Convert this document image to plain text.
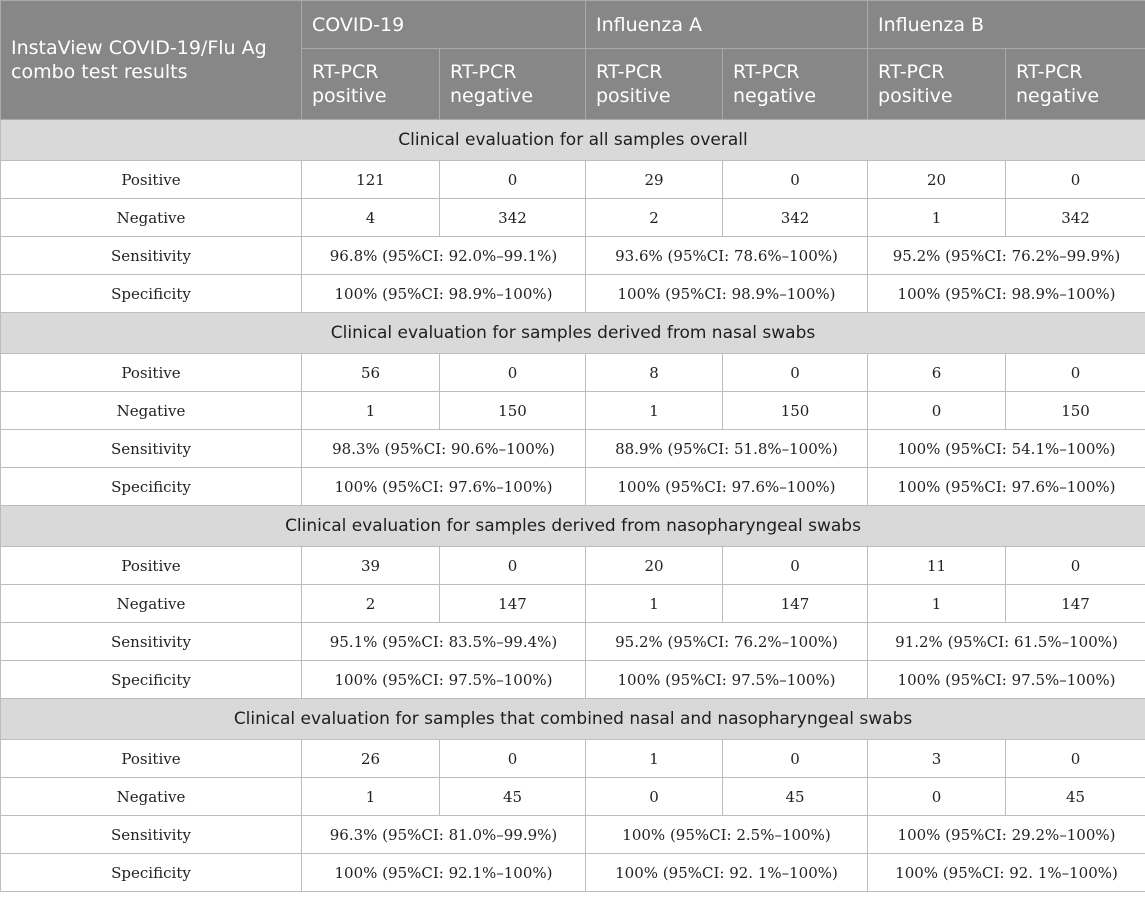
InstaView COVID-19/Flu Ag combo test results	COVID-19		Influenza A		Influenza B	
	RT-PCR positive	RT-PCR negative	RT-PCR positive	RT-PCR negative	RT-PCR positive	RT-PCR negative
Clinical evaluation for all samples overall						
Positive	121	0	29	0	20	0
Negative	4	342	2	342	1	342
Sensitivity	96.8% (95%CI: 92.0%–99.1%)		93.6% (95%CI: 78.6%–100%)		95.2% (95%CI: 76.2%–99.9%)	
Specificity	100% (95%CI: 98.9%–100%)		100% (95%CI: 98.9%–100%)		100% (95%CI: 98.9%–100%)	
Clinical evaluation for samples derived from nasal swabs						
Positive	56	0	8	0	6	0
Negative	1	150	1	150	0	150
Sensitivity	98.3% (95%CI: 90.6%–100%)		88.9% (95%CI: 51.8%–100%)		100% (95%CI: 54.1%–100%)	
Specificity	100% (95%CI: 97.6%–100%)		100% (95%CI: 97.6%–100%)		100% (95%CI: 97.6%–100%)	
Clinical evaluation for samples derived from nasopharyngeal swabs						
Positive	39	0	20	0	11	0
Negative	2	147	1	147	1	147
Sensitivity	95.1% (95%CI: 83.5%–99.4%)		95.2% (95%CI: 76.2%–100%)		91.2% (95%CI: 61.5%–100%)	
Specificity	100% (95%CI: 97.5%–100%)		100% (95%CI: 97.5%–100%)		100% (95%CI: 97.5%–100%)	
Clinical evaluation for samples that combined nasal and nasopharyngeal swabs						
Positive	26	0	1	0	3	0
Negative	1	45	0	45	0	45
Sensitivity	96.3% (95%CI: 81.0%–99.9%)		100% (95%CI: 2.5%–100%)		100% (95%CI: 29.2%–100%)	
Specificity	100% (95%CI: 92.1%–100%)		100% (95%CI: 92. 1%–100%)		100% (95%CI: 92. 1%–100%)	
